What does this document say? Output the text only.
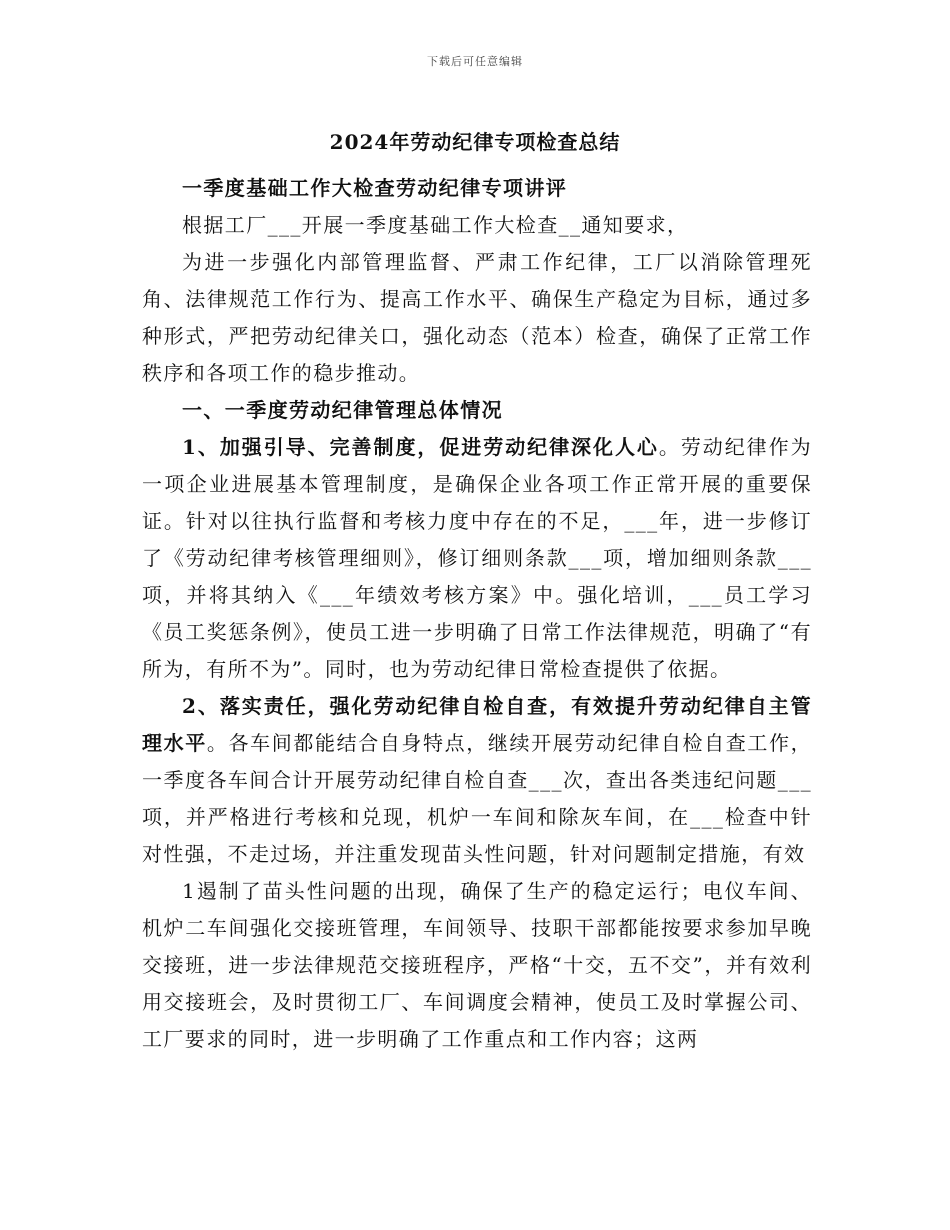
下载后可任意编辑
2024年劳动纪律专项检查总结

一季度基础工作大检查劳动纪律专项讲评

根据工厂___开展一季度基础工作大检查__通知要求，

为进一步强化内部管理监督、严肃工作纪律，工厂以消除管理死角、法律规范工作行为、提高工作水平、确保生产稳定为目标，通过多种形式，严把劳动纪律关口，强化动态（范本）检查，确保了正常工作秩序和各项工作的稳步推动。

一、一季度劳动纪律管理总体情况

1、加强引导、完善制度，促进劳动纪律深化人心。劳动纪律作为一项企业进展基本管理制度，是确保企业各项工作正常开展的重要保证。针对以往执行监督和考核力度中存在的不足，___年，进一步修订了《劳动纪律考核管理细则》，修订细则条款___项，增加细则条款___项，并将其纳入《___年绩效考核方案》中。强化培训，___员工学习《员工奖惩条例》，使员工进一步明确了日常工作法律规范，明确了“有所为，有所不为”。同时，也为劳动纪律日常检查提供了依据。

2、落实责任，强化劳动纪律自检自查，有效提升劳动纪律自主管理水平。各车间都能结合自身特点，继续开展劳动纪律自检自查工作，一季度各车间合计开展劳动纪律自检自查___次，查出各类违纪问题___项，并严格进行考核和兑现，机炉一车间和除灰车间，在___检查中针对性强，不走过场，并注重发现苗头性问题，针对问题制定措施，有效

1遏制了苗头性问题的出现，确保了生产的稳定运行；电仪车间、机炉二车间强化交接班管理，车间领导、技职干部都能按要求参加早晚交接班，进一步法律规范交接班程序，严格“十交，五不交”，并有效利用交接班会，及时贯彻工厂、车间调度会精神，使员工及时掌握公司、工厂要求的同时，进一步明确了工作重点和工作内容；这两
